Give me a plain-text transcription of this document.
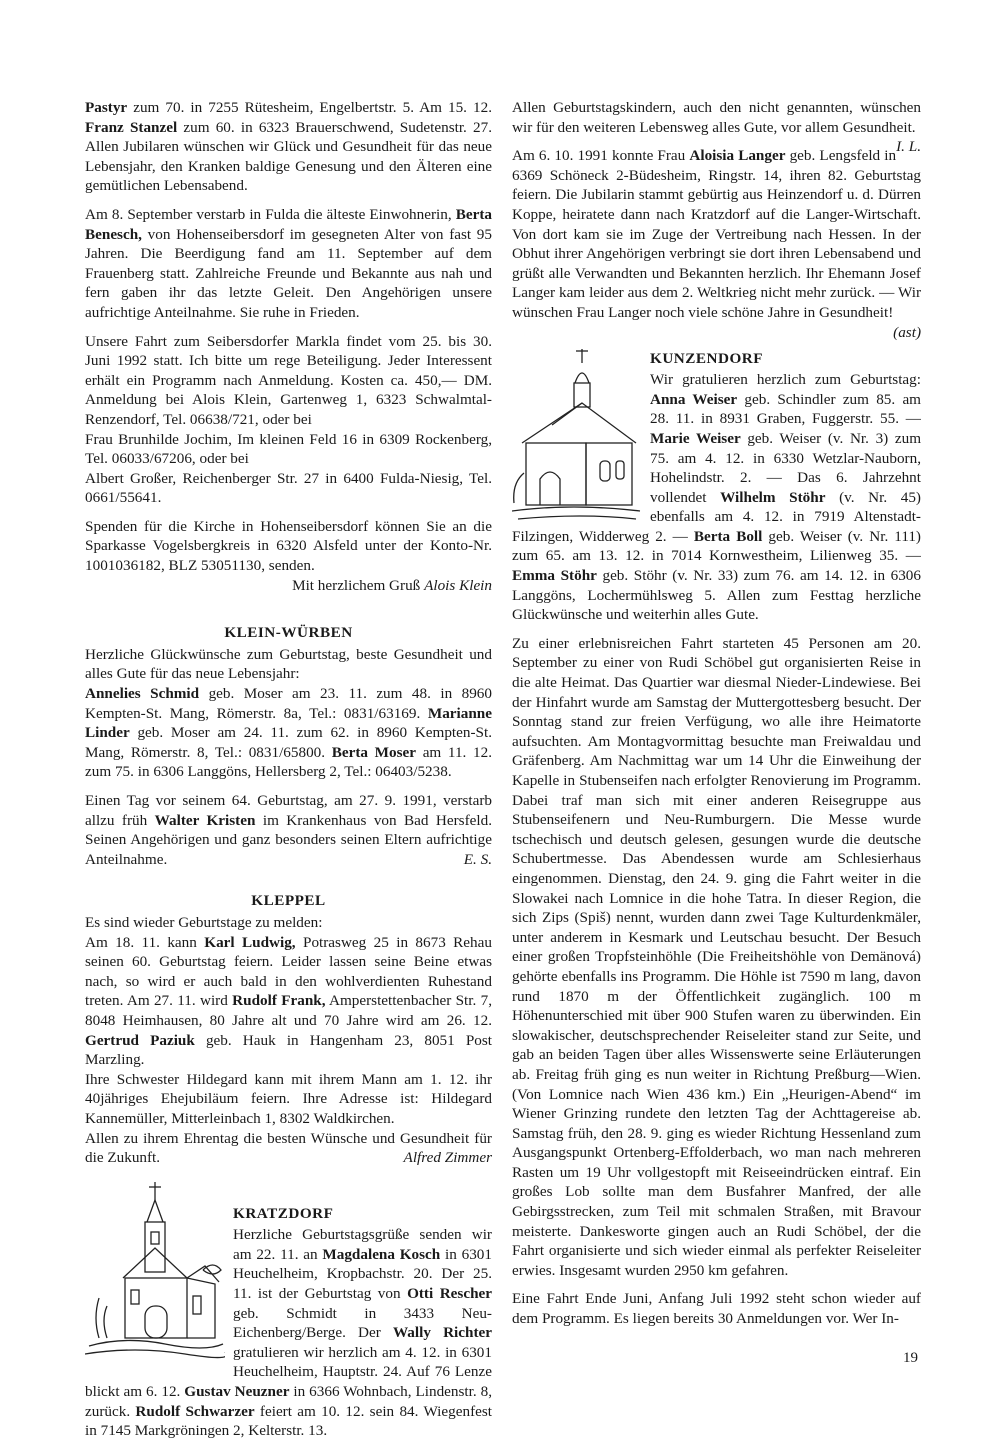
Pastyr zum 70. in 7255 Rütesheim, Engelbertstr. 5. Am 15. 12. Franz Stanzel zum 60. in 6323 Brauerschwend, Sudetenstr. 27. Allen Jubilaren wünschen wir Glück und Gesundheit für das neue Lebensjahr, den Kranken baldige Genesung und den Älteren eine gemütlichen Lebensabend.

Am 8. September verstarb in Fulda die älteste Einwohnerin, Berta Benesch, von Hohenseibersdorf im gesegneten Alter von fast 95 Jahren. Die Beerdigung fand am 11. September auf dem Frauenberg statt. Zahlreiche Freunde und Bekannte aus nah und fern gaben ihr das letzte Geleit. Den Angehörigen unsere aufrichtige Anteilnahme. Sie ruhe in Frieden.

Unsere Fahrt zum Seibersdorfer Markla findet vom 25. bis 30. Juni 1992 statt. Ich bitte um rege Beteiligung. Jeder Interessent erhält ein Programm nach Anmeldung. Kosten ca. 450,— DM. Anmeldung bei Alois Klein, Gartenweg 1, 6323 Schwalmtal-Renzendorf, Tel. 06638/721, oder bei

Frau Brunhilde Jochim, Im kleinen Feld 16 in 6309 Rockenberg, Tel. 06033/67206, oder bei

Albert Großer, Reichenberger Str. 27 in 6400 Fulda-Niesig, Tel. 0661/55641.

Spenden für die Kirche in Hohenseibersdorf können Sie an die Sparkasse Vogelsbergkreis in 6320 Alsfeld unter der Konto-Nr. 1001036182, BLZ 53051130, senden.

Mit herzlichem Gruß Alois Klein
KLEIN-WÜRBEN

Herzliche Glückwünsche zum Geburtstag, beste Gesundheit und alles Gute für das neue Lebensjahr:

Annelies Schmid geb. Moser am 23. 11. zum 48. in 8960 Kempten-St. Mang, Römerstr. 8a, Tel.: 0831/63169. Marianne Linder geb. Moser am 24. 11. zum 62. in 8960 Kempten-St. Mang, Römerstr. 8, Tel.: 0831/65800. Berta Moser am 11. 12. zum 75. in 6306 Langgöns, Hellersberg 2, Tel.: 06403/5238.

Einen Tag vor seinem 64. Geburtstag, am 27. 9. 1991, verstarb allzu früh Walter Kristen im Krankenhaus von Bad Hersfeld. Seinen Angehörigen und ganz besonders seinen Eltern aufrichtige Anteilnahme.	E. S.

KLEPPEL

Es sind wieder Geburtstage zu melden:

Am 18. 11. kann Karl Ludwig, Potrasweg 25 in 8673 Rehau seinen 60. Geburtstag feiern. Leider lassen seine Beine etwas nach, so wird er auch bald in den wohlverdienten Ruhestand treten. Am 27. 11. wird Rudolf Frank, Amperstettenbacher Str. 7, 8048 Heimhausen, 80 Jahre alt und 70 Jahre wird am 26. 12. Gertrud Paziuk geb. Hauk in Hangenham 23, 8051 Post Marzling.

Ihre Schwester Hildegard kann mit ihrem Mann am 1. 12. ihr 40jähriges Ehejubiläum feiern. Ihre Adresse ist: Hildegard Kannemüller, Mitterleinbach 1, 8302 Waldkirchen.

Allen zu ihrem Ehrentag die besten Wünsche und Gesundheit für die Zukunft.	Alfred Zimmer

KRATZDORF

Herzliche Geburtstagsgrüße senden wir am 22. 11. an Magdalena Kosch in 6301 Heuchelheim, Kropbachstr. 20. Der 25. 11. ist der Geburtstag von Otti Rescher geb. Schmidt in 3433 Neu-Eichenberg/Berge. Der Wally Richter gratulieren wir herzlich am 4. 12. in 6301 Heuchelheim, Hauptstr. 24. Auf 76 Lenze blickt am 6. 12. Gustav Neuzner in 6366 Wohnbach, Lindenstr. 8, zurück. Rudolf Schwarzer feiert am 10. 12. sein 84. Wiegenfest in 7145 Markgröningen 2, Kelterstr. 13.

Allen Geburtstagskindern, auch den nicht genannten, wünschen wir für den weiteren Lebensweg alles Gute, vor allem Gesundheit.
I. L.

Am 6. 10. 1991 konnte Frau Aloisia Langer geb. Lengsfeld in 6369 Schöneck 2-Büdesheim, Ringstr. 14, ihren 82. Geburtstag feiern. Die Jubilarin stammt gebürtig aus Heinzendorf u. d. Dürren Koppe, heiratete dann nach Kratzdorf auf die Langer-Wirtschaft. Von dort kam sie im Zuge der Vertreibung nach Hessen. In der Obhut ihrer Angehörigen verbringt sie dort ihren Lebensabend und grüßt alle Verwandten und Bekannten herzlich. Ihr Ehemann Josef Langer kam leider aus dem 2. Weltkrieg nicht mehr zurück. — Wir wünschen Frau Langer noch viele schöne Jahre in Gesundheit!
(ast)

KUNZENDORF

Wir gratulieren herzlich zum Geburtstag: Anna Weiser geb. Schindler zum 85. am 28. 11. in 8931 Graben, Fuggerstr. 55. — Marie Weiser geb. Weiser (v. Nr. 3) zum 75. am 4. 12. in 6330 Wetzlar-Nauborn, Hohelindstr. 2. — Das 6. Jahrzehnt vollendet Wilhelm Stöhr (v. Nr. 45) ebenfalls am 4. 12. in 7919 Altenstadt-Filzingen, Widderweg 2. — Berta Boll geb. Weiser (v. Nr. 111) zum 65. am 13. 12. in 7014 Kornwestheim, Lilienweg 35. — Emma Stöhr geb. Stöhr (v. Nr. 33) zum 76. am 14. 12. in 6306 Langgöns, Lochermühlsweg 5. Allen zum Festtag herzliche Glückwünsche und weiterhin alles Gute.

Zu einer erlebnisreichen Fahrt starteten 45 Personen am 20. September zu einer von Rudi Schöbel gut organisierten Reise in die alte Heimat. Das Quartier war diesmal Nieder-Lindewiese. Bei der Hinfahrt wurde am Samstag der Muttergottesberg besucht. Der Sonntag stand zur freien Verfügung, wo alle ihre Heimatorte aufsuchten. Am Montagvormittag besuchte man Freiwaldau und Gräfenberg. Am Nachmittag war um 14 Uhr die Einweihung der Kapelle in Stubenseifen nach erfolgter Renovierung im Programm. Dabei traf man sich mit einer anderen Reisegruppe aus Stubenseifenern und Neu-Rumburgern. Die Messe wurde tschechisch und deutsch gelesen, gesungen wurde die deutsche Schubertmesse. Das Abendessen wurde am Schlesierhaus eingenommen. Dienstag, den 24. 9. ging die Fahrt weiter in die Slowakei nach Lomnice in die hohe Tatra. In dieser Region, die sich Zips (Spiš) nennt, wurden dann zwei Tage Kulturdenkmäler, unter anderem in Kesmark und Leutschau besucht. Der Besuch einer großen Tropfsteinhöhle (Die Freiheitshöhle von Demänová) gehörte ebenfalls ins Programm. Die Höhle ist 7590 m lang, davon rund 1870 m der Öffentlichkeit zugänglich. 100 m Höhenunterschied mit über 900 Stufen waren zu überwinden. Ein slowakischer, deutschsprechender Reiseleiter stand zur Seite, und gab an beiden Tagen über alles Wissenswerte seine Erläuterungen ab. Freitag früh ging es nun weiter in Richtung Preßburg—Wien. (Von Lomnice nach Wien 436 km.) Ein „Heurigen-Abend“ im Wiener Grinzing rundete den letzten Tag der Achttagereise ab. Samstag früh, den 28. 9. ging es wieder Richtung Hessenland zum Ausgangspunkt Ortenberg-Effolderbach, wo man nach mehreren Rasten um 19 Uhr vollgestopft mit Reiseeindrücken eintraf. Ein großes Lob sollte man dem Busfahrer Manfred, der alle Gebirgsstrecken, zum Teil mit schmalen Straßen, mit Bravour meisterte. Dankesworte gingen auch an Rudi Schöbel, der die Fahrt organisierte und sich wieder einmal als perfekter Reiseleiter erwies. Insgesamt wurden 2950 km gefahren.

Eine Fahrt Ende Juni, Anfang Juli 1992 steht schon wieder auf dem Programm. Es liegen bereits 30 Anmeldungen vor. Wer In-

19
